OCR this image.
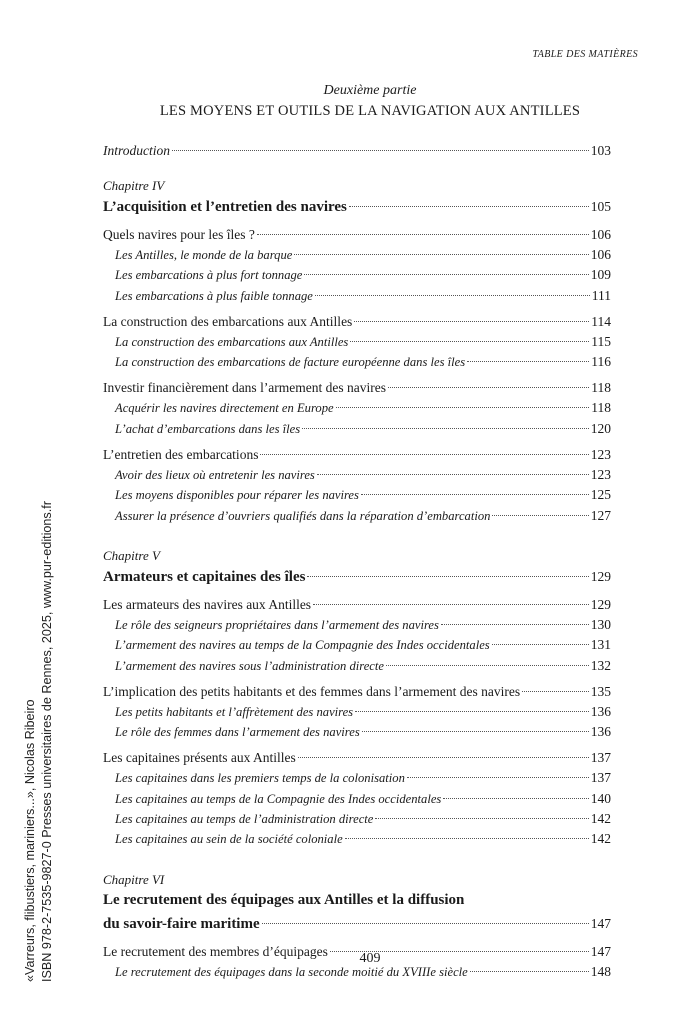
TABLE DES MATIÈRES
Deuxième partie
LES MOYENS ET OUTILS DE LA NAVIGATION AUX ANTILLES
Introduction	103
Chapitre IV
L’acquisition et l’entretien des navires	105
Quels navires pour les îles ?	106
Les Antilles, le monde de la barque	106
Les embarcations à plus fort tonnage	109
Les embarcations à plus faible tonnage	111
La construction des embarcations aux Antilles	114
La construction des embarcations aux Antilles	115
La construction des embarcations de facture européenne dans les îles	116
Investir financièrement dans l’armement des navires	118
Acquérir les navires directement en Europe	118
L’achat d’embarcations dans les îles	120
L’entretien des embarcations	123
Avoir des lieux où entretenir les navires	123
Les moyens disponibles pour réparer les navires	125
Assurer la présence d’ouvriers qualifiés dans la réparation d’embarcation	127
Chapitre V
Armateurs et capitaines des îles	129
Les armateurs des navires aux Antilles	129
Le rôle des seigneurs propriétaires dans l’armement des navires	130
L’armement des navires au temps de la Compagnie des Indes occidentales	131
L’armement des navires sous l’administration directe	132
L’implication des petits habitants et des femmes dans l’armement des navires	135
Les petits habitants et l’affrètement des navires	136
Le rôle des femmes dans l’armement des navires	136
Les capitaines présents aux Antilles	137
Les capitaines dans les premiers temps de la colonisation	137
Les capitaines au temps de la Compagnie des Indes occidentales	140
Les capitaines au temps de l’administration directe	142
Les capitaines au sein de la société coloniale	142
Chapitre VI
Le recrutement des équipages aux Antilles et la diffusion
du savoir-faire maritime	147
Le recrutement des membres d’équipages	147
Le recrutement des équipages dans la seconde moitié du XVIIIe siècle	148
409
«Varreurs, flibustiers, mariniers...», Nicolas Ribeiro ISBN 978-2-7535-9827-0 Presses universitaires de Rennes, 2025, www.pur-editions.fr
